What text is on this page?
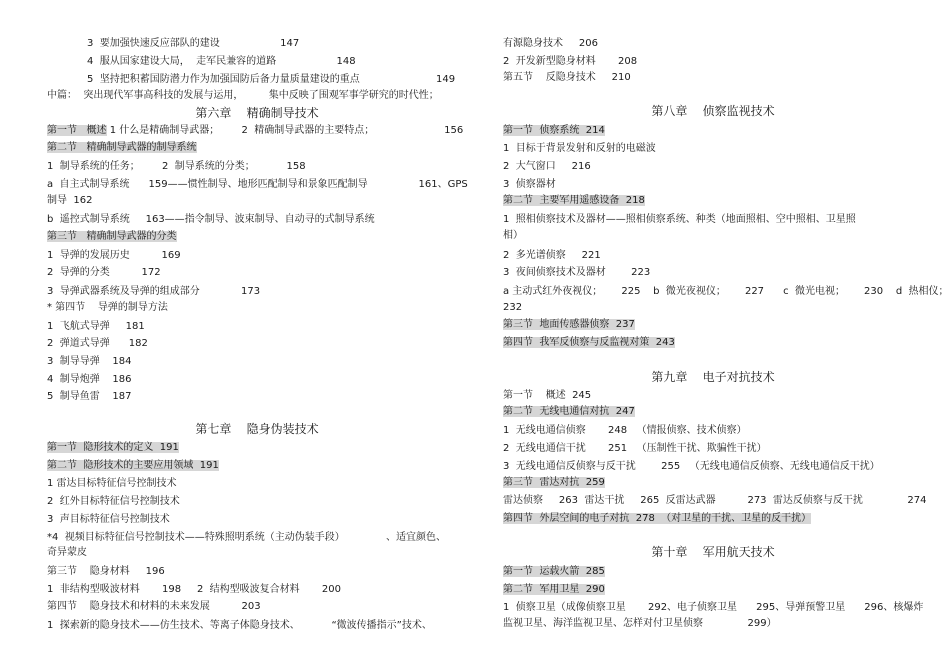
3  要加强快速反应部队的建设                   147
4  服从国家建设大局，  走军民兼容的道路                   148
5  坚持把积蓄国防潜力作为加强国防后备力量质量建设的重点                        149
中篇：  突出现代军事高科技的发展与运用，        集中反映了围观军事学研究的时代性；
第六章    精确制导技术
第一节   概述 1 什么是精确制导武器；       2  精确制导武器的主要特点；                      156
第二节   精确制导武器的制导系统
1  制导系统的任务；       2  制导系统的分类；          158
a  自主式制导系统      159——惯性制导、地形匹配制导和景象匹配制导                161、GPS
制导  162
b  遥控式制导系统     163——指令制导、波束制导、自动寻的式制导系统
第三节   精确制导武器的分类
1  导弹的发展历史          169
2  导弹的分类          172
3  导弹武器系统及导弹的组成部分             173
* 第四节    导弹的制导方法
1  飞航式导弹     181
2  弹道式导弹      182
3  制导导弹    184
4  制导炮弹    186
5  制导鱼雷    187
第七章    隐身伪装技术
第一节  隐形技术的定义  191
第二节  隐形技术的主要应用领域  191
1 雷达目标特征信号控制技术
2  红外目标特征信号控制技术
3  声目标特征信号控制技术
*4  视频目标特征信号控制技术——特殊照明系统（主动伪装手段）             、适宜颜色、
奇异蒙皮
第三节    隐身材料     196
1  非结构型吸波材料       198     2  结构型吸波复合材料       200
第四节    隐身技术和材料的未来发展          203
1  探索新的隐身技术——仿生技术、等离子体隐身技术、          “微波传播指示”技术、
有源隐身技术     206
2  开发新型隐身材料       208
第五节    反隐身技术     210
第八章    侦察监视技术
第一节  侦察系统  214
1  目标于背景发射和反射的电磁波
2  大气窗口     216
3  侦察器材
第二节  主要军用遥感设备  218
1  照相侦察技术及器材——照相侦察系统、种类（地面照相、空中照相、卫星照
相）
2  多光谱侦察     221
3  夜间侦察技术及器材        223
a 主动式红外夜视仪；      225    b  微光夜视仪；      227      c  微光电视；      230    d  热相仪；
232
第三节  地面传感器侦察  237
第四节  我军反侦察与反监视对策  243
第九章    电子对抗技术
第一节    概述  245
第二节  无线电通信对抗  247
1  无线电通信侦察       248   （情报侦察、技术侦察）
2  无线电通信干扰       251   （压制性干扰、欺骗性干扰）
3  无线电通信反侦察与反干扰        255   （无线电通信反侦察、无线电通信反干扰）
第三节  雷达对抗  259
雷达侦察     263  雷达干扰     265  反雷达武器          273  雷达反侦察与反干扰              274
第四节  外层空间的电子对抗  278  （对卫星的干扰、卫星的反干扰）
第十章    军用航天技术
第一节  运载火箭  285
第二节  军用卫星  290
1  侦察卫星（成像侦察卫星       292、电子侦察卫星      295、导弹预警卫星      296、核爆炸
监视卫星、海洋监视卫星、怎样对付卫星侦察              299）
